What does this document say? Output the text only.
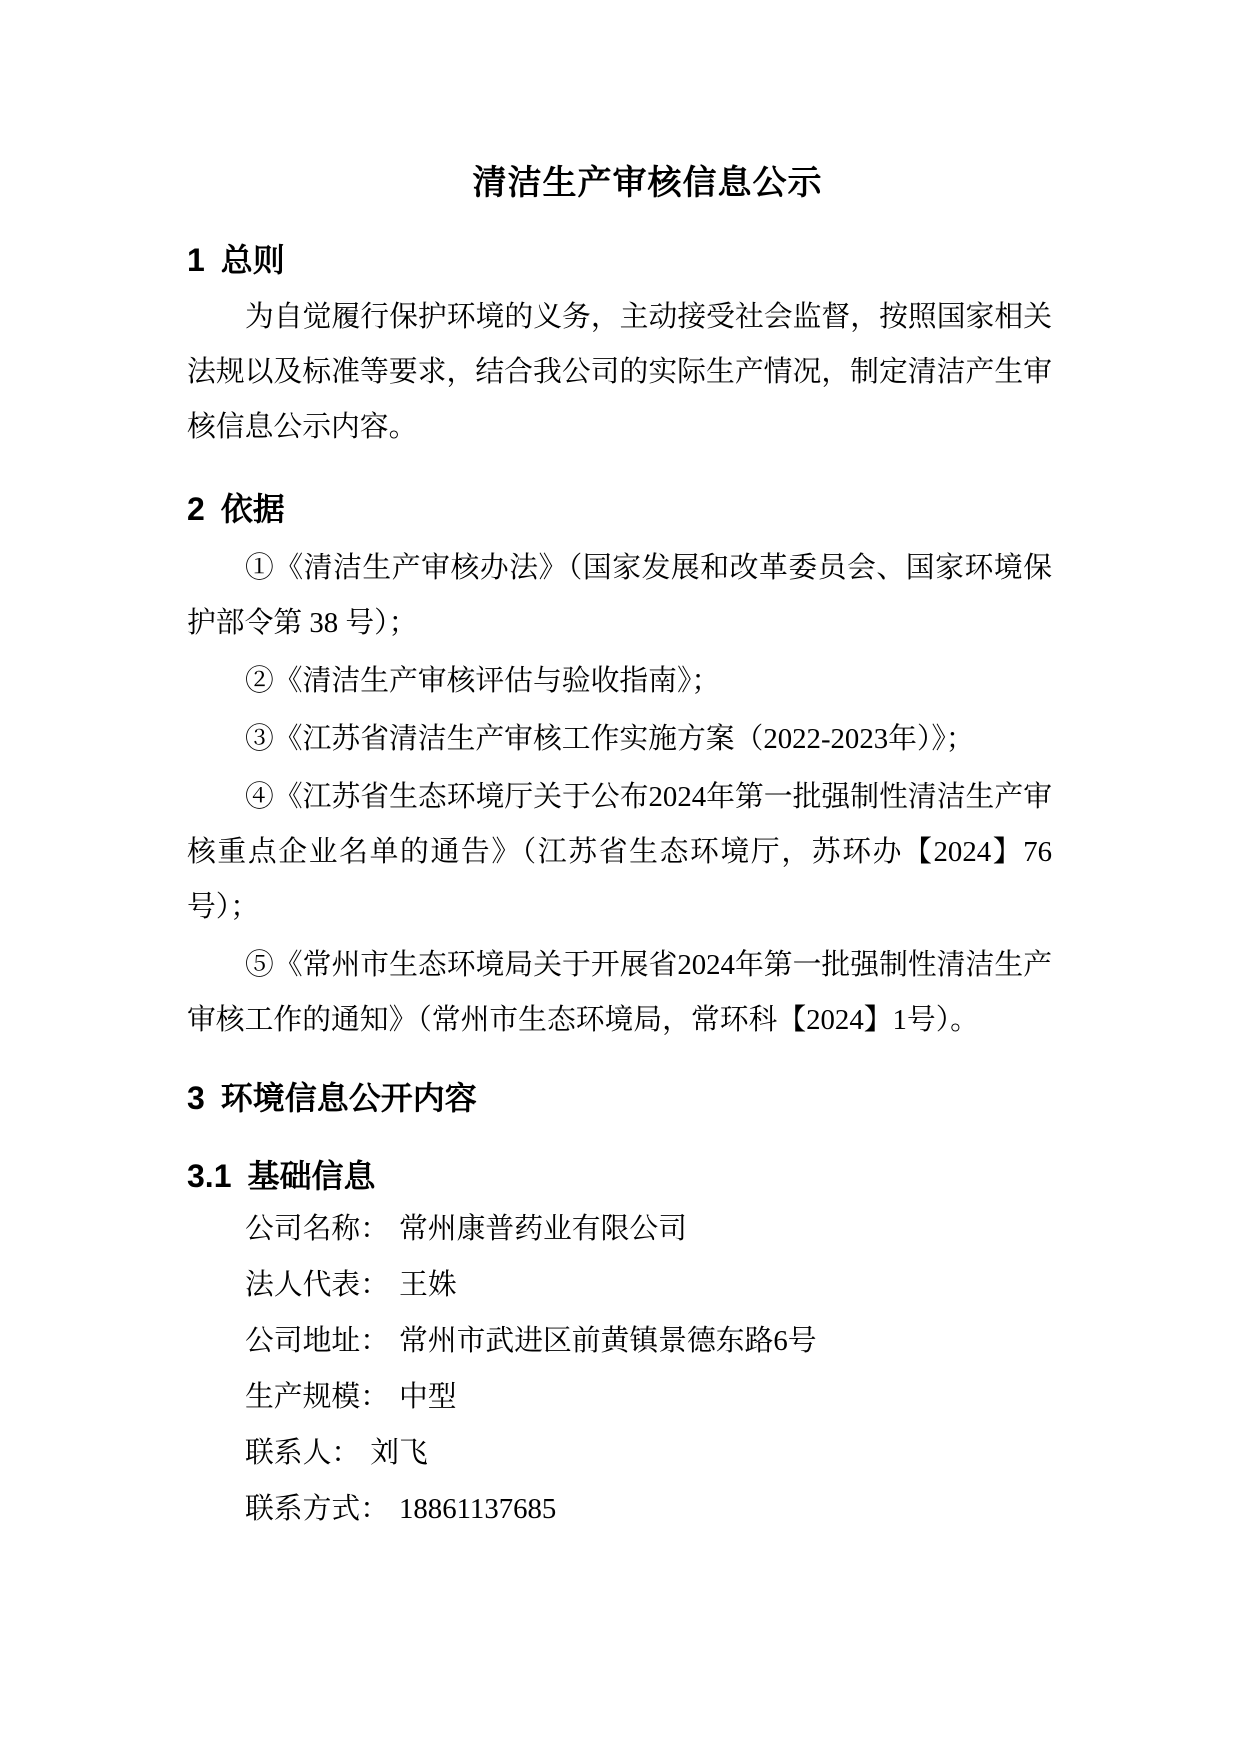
清洁生产审核信息公示
1 总则
为自觉履行保护环境的义务，主动接受社会监督，按照国家相关
法规以及标准等要求，结合我公司的实际生产情况，制定清洁产生审
核信息公示内容。
2 依据
①《清洁生产审核办法》（国家发展和改革委员会、国家环境保
护部令第 38 号）；
②《清洁生产审核评估与验收指南》；
③《江苏省清洁生产审核工作实施方案（2022-2023年）》；
④《江苏省生态环境厅关于公布2024年第一批强制性清洁生产审
核重点企业名单的通告》（江苏省生态环境厅，苏环办【2024】76
号）；
⑤《常州市生态环境局关于开展省2024年第一批强制性清洁生产
审核工作的通知》（常州市生态环境局，常环科【2024】1号）。
3 环境信息公开内容
3.1 基础信息
公司名称： 常州康普药业有限公司
法人代表： 王姝
公司地址： 常州市武进区前黄镇景德东路6号
生产规模： 中型
联系人： 刘飞
联系方式： 18861137685
